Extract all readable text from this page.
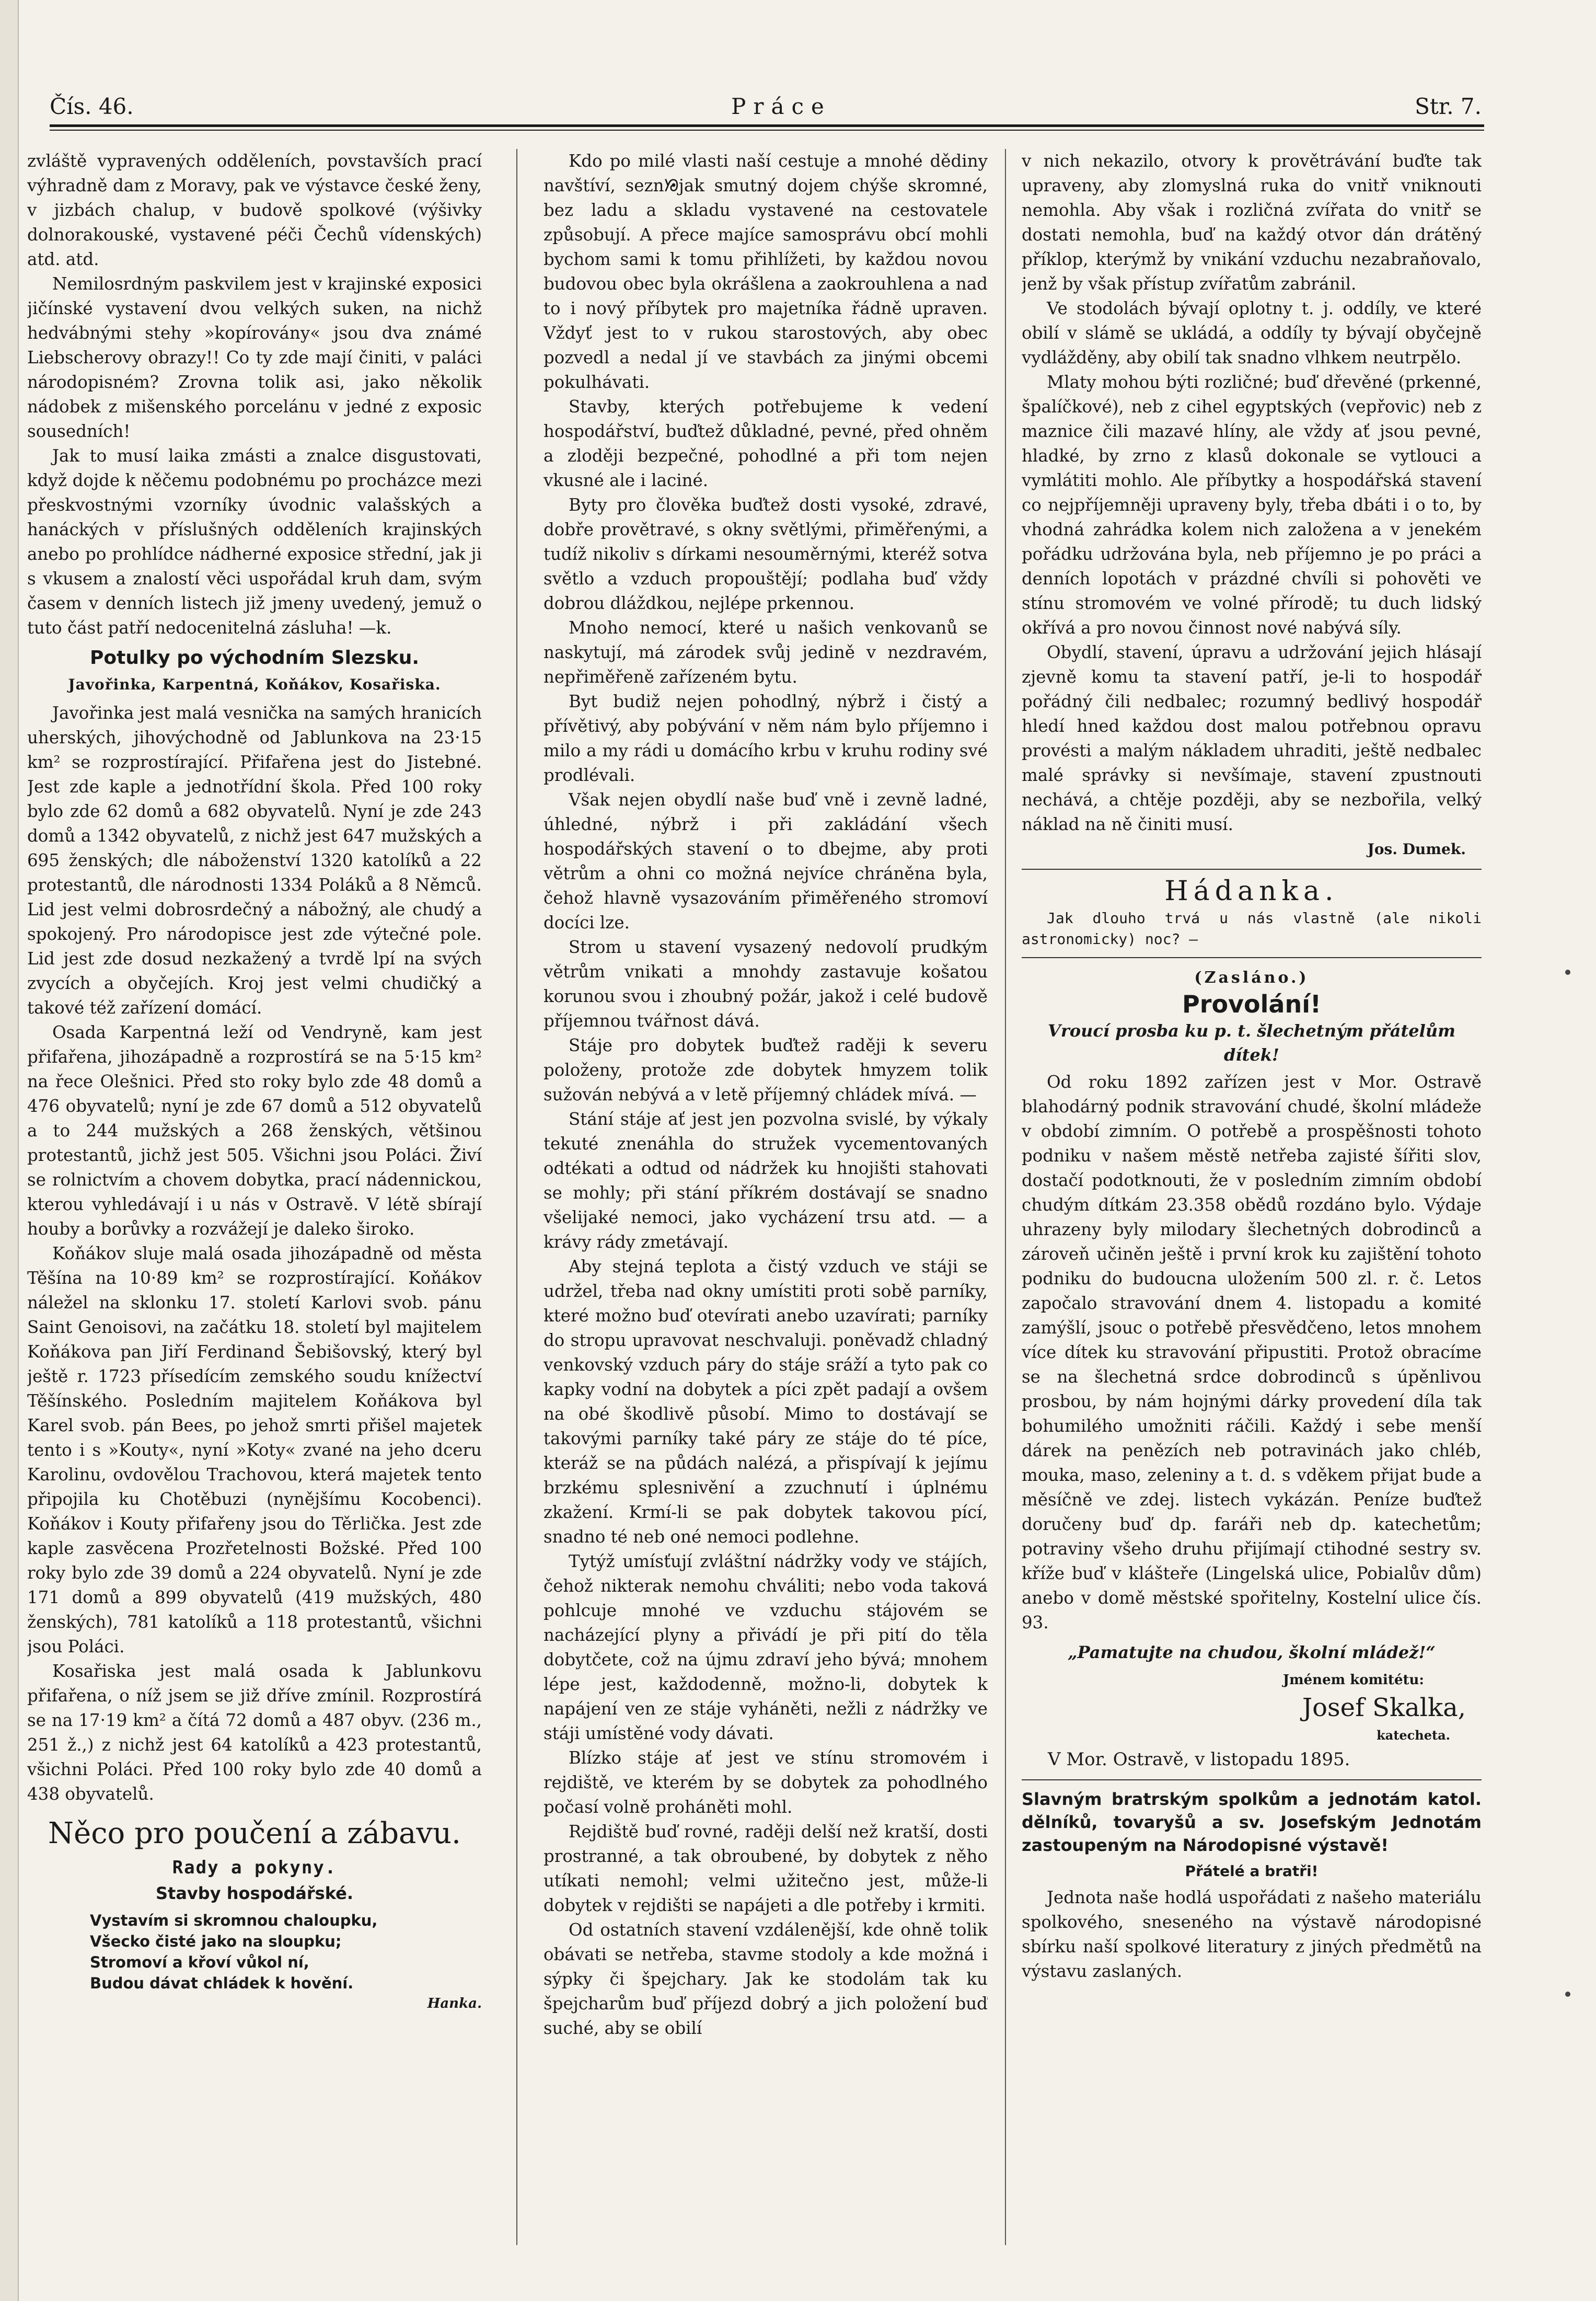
Čís. 46.	Práce	Str. 7.

zvláště vypravených odděleních, povstavších prací výhradně dam z Moravy, pak ve výstavce české ženy, v jizbách chalup, v budově spolkové (výšivky dolnorakouské, vystavené péči Čechů vídenských) atd. atd.

Nemilosrdným paskvilem jest v krajinské exposici jičínské vystavení dvou velkých suken, na nichž hedvábnými stehy »kopírovány« jsou dva známé Liebscherovy obrazy!! Co ty zde mají činiti, v paláci národopisném? Zrovna tolik asi, jako několik nádobek z mišenského porcelánu v jedné z exposic sousedních!

Jak to musí laika zmásti a znalce disgustovati, když dojde k něčemu podobnému po procházce mezi přeskvostnými vzorníky úvodnic valašských a hanáckých v příslušných odděleních krajinských anebo po prohlídce nádherné exposice střední, jak ji s vkusem a znalostí věci uspořádal kruh dam, svým časem v denních listech již jmeny uvedený, jemuž o tuto část patří nedocenitelná zásluha! —k.

Potulky po východním Slezsku.
Javořinka, Karpentná, Koňákov, Kosařiska.

Javořinka jest malá vesnička na samých hranicích uherských, jihovýchodně od Jablunkova na 23·15 km² se rozprostírající. Přifařena jest do Jistebné. Jest zde kaple a jednotřídní škola. Před 100 roky bylo zde 62 domů a 682 obyvatelů. Nyní je zde 243 domů a 1342 obyvatelů, z nichž jest 647 mužských a 695 ženských; dle náboženství 1320 katolíků a 22 protestantů, dle národnosti 1334 Poláků a 8 Němců. Lid jest velmi dobrosrdečný a nábožný, ale chudý a spokojený. Pro národopisce jest zde výtečné pole. Lid jest zde dosud nezkažený a tvrdě lpí na svých zvycích a obyčejích. Kroj jest velmi chudičký a takové též zařízení domácí.

Osada Karpentná leží od Vendryně, kam jest přifařena, jihozápadně a rozprostírá se na 5·15 km² na řece Olešnici. Před sto roky bylo zde 48 domů a 476 obyvatelů; nyní je zde 67 domů a 512 obyvatelů a to 244 mužských a 268 ženských, většinou protestantů, jichž jest 505. Všichni jsou Poláci. Živí se rolnictvím a chovem dobytka, prací nádennickou, kterou vyhledávají i u nás v Ostravě. V létě sbírají houby a borůvky a rozvážejí je daleko široko.

Koňákov sluje malá osada jihozápadně od města Těšína na 10·89 km² se rozprostírající. Koňákov náležel na sklonku 17. století Karlovi svob. pánu Saint Genoisovi, na začátku 18. století byl majitelem Koňákova pan Jiří Ferdinand Šebišovský, který byl ještě r. 1723 přísedícím zemského soudu knížectví Těšínského. Posledním majitelem Koňákova byl Karel svob. pán Bees, po jehož smrti přišel majetek tento i s »Kouty«, nyní »Koty« zvané na jeho dceru Karolinu, ovdovělou Trachovou, která majetek tento připojila ku Chotěbuzi (nynějšímu Kocobenci). Koňákov i Kouty přifařeny jsou do Těrlička. Jest zde kaple zasvěcena Prozřetelnosti Božské. Před 100 roky bylo zde 39 domů a 224 obyvatelů. Nyní je zde 171 domů a 899 obyvatelů (419 mužských, 480 ženských), 781 katolíků a 118 protestantů, všichni jsou Poláci.

Kosařiska jest malá osada k Jablunkovu přifařena, o níž jsem se již dříve zmínil. Rozprostírá se na 17·19 km² a čítá 72 domů a 487 obyv. (236 m., 251 ž.,) z nichž jest 64 katolíků a 423 protestantů, všichni Poláci. Před 100 roky bylo zde 40 domů a 438 obyvatelů.

Něco pro poučení a zábavu.
Rady a pokyny.
Stavby hospodářské.
Vystavím si skromnou chaloupku,
Všecko čisté jako na sloupku;
Stromoví a křoví vůkol ní,
Budou dávat chládek k hovění.
Hanka.

Kdo po milé vlasti naší cestuje a mnohé dědiny navštíví, seznᘠjak smutný dojem chýše skromné, bez ladu a skladu vystavené na cestovatele způsobují. A přece majíce samosprávu obcí mohli bychom sami k tomu přihlížeti, by každou novou budovou obec byla okrášlena a zaokrouhlena a nad to i nový příbytek pro majetníka řádně upraven. Vždyť jest to v rukou starostových, aby obec pozvedl a nedal jí ve stavbách za jinými obcemi pokulhávati.

Stavby, kterých potřebujeme k vedení hospodářství, buďtež důkladné, pevné, před ohněm a zloději bezpečné, pohodlné a při tom nejen vkusné ale i laciné.

Byty pro člověka buďtež dosti vysoké, zdravé, dobře provětravé, s okny světlými, přiměřenými, a tudíž nikoliv s dírkami nesouměrnými, kteréž sotva světlo a vzduch propouštějí; podlaha buď vždy dobrou dláždkou, nejlépe prkennou.

Mnoho nemocí, které u našich venkovanů se naskytují, má zárodek svůj jedině v nezdravém, nepřiměřeně zařízeném bytu.

Byt budiž nejen pohodlný, nýbrž i čistý a přívětivý, aby pobývání v něm nám bylo příjemno i milo a my rádi u domácího krbu v kruhu rodiny své prodlévali.

Však nejen obydlí naše buď vně i zevně ladné, úhledné, nýbrž i při zakládání všech hospodářských stavení o to dbejme, aby proti větrům a ohni co možná nejvíce chráněna byla, čehož hlavně vysazováním přiměřeného stromoví docíci lze.

Strom u stavení vysazený nedovolí prudkým větrům vnikati a mnohdy zastavuje košatou korunou svou i zhoubný požár, jakož i celé budově příjemnou tvářnost dává.

Stáje pro dobytek buďtež raději k severu položeny, protože zde dobytek hmyzem tolik sužován nebývá a v letě příjemný chládek mívá. —

Stání stáje ať jest jen pozvolna svislé, by výkaly tekuté znenáhla do stružek vycementovaných odtékati a odtud od nádržek ku hnojišti stahovati se mohly; při stání příkrém dostávají se snadno všelijaké nemoci, jako vycházení trsu atd. — a krávy rády zmetávají.

Aby stejná teplota a čistý vzduch ve stáji se udržel, třeba nad okny umístiti proti sobě parníky, které možno buď otevírati anebo uzavírati; parníky do stropu upravovat neschvaluji. poněvadž chladný venkovský vzduch páry do stáje sráží a tyto pak co kapky vodní na dobytek a píci zpět padají a ovšem na obé škodlivě působí. Mimo to dostávají se takovými parníky také páry ze stáje do té píce, kteráž se na půdách nalézá, a přispívají k jejímu brzkému splesnivění a zzuchnutí i úplnému zkažení. Krmí-li se pak dobytek takovou pící, snadno té neb oné nemoci podlehne.

Tytýž umísťují zvláštní nádržky vody ve stájích, čehož nikterak nemohu chváliti; nebo voda taková pohlcuje mnohé ve vzduchu stájovém se nacházející plyny a přivádí je při pití do těla dobytčete, což na újmu zdraví jeho bývá; mnohem lépe jest, každodenně, možno-li, dobytek k napájení ven ze stáje vyháněti, nežli z nádržky ve stáji umístěné vody dávati.

Blízko stáje ať jest ve stínu stromovém i rejdiště, ve kterém by se dobytek za pohodlného počasí volně proháněti mohl.

Rejdiště buď rovné, raději delší než kratší, dosti prostranné, a tak obroubené, by dobytek z něho utíkati nemohl; velmi užitečno jest, může-li dobytek v rejdišti se napájeti a dle potřeby i krmiti.

Od ostatních stavení vzdálenější, kde ohně tolik obávati se netřeba, stavme stodoly a kde možná i sýpky či špejchary. Jak ke stodolám tak ku špejcharům buď příjezd dobrý a jich položení buď suché, aby se obilí

v nich nekazilo, otvory k provětrávání buďte tak upraveny, aby zlomyslná ruka do vnitř vniknouti nemohla. Aby však i rozličná zvířata do vnitř se dostati nemohla, buď na každý otvor dán drátěný příklop, kterýmž by vnikání vzduchu nezabraňovalo, jenž by však přístup zvířatům zabránil.

Ve stodolách bývají oplotny t. j. oddíly, ve které obilí v slámě se ukládá, a oddíly ty bývají obyčejně vydlážděny, aby obilí tak snadno vlhkem neutrpělo.

Mlaty mohou býti rozličné; buď dřevěné (prkenné, špalíčkové), neb z cihel egyptských (vepřovic) neb z maznice čili mazavé hlíny, ale vždy ať jsou pevné, hladké, by zrno z klasů dokonale se vytlouci a vymlátiti mohlo. Ale příbytky a hospodářská stavení co nejpříjemněji upraveny byly, třeba dbáti i o to, by vhodná zahrádka kolem nich založena a v jenekém pořádku udržována byla, neb příjemno je po práci a denních lopotách v prázdné chvíli si pohověti ve stínu stromovém ve volné přírodě; tu duch lidský okřívá a pro novou činnost nové nabývá síly.

Obydlí, stavení, úpravu a udržování jejich hlásají zjevně komu ta stavení patří, je-li to hospodář pořádný čili nedbalec; rozumný bedlivý hospodář hledí hned každou dost malou potřebnou opravu provésti a malým nákladem uhraditi, ještě nedbalec malé správky si nevšímaje, stavení zpustnouti nechává, a chtěje později, aby se nezbořila, velký náklad na ně činiti musí.

Jos. Dumek.
Hádanka.

Jak dlouho trvá u nás vlastně (ale nikoli astronomicky) noc? —

(Zasláno.)
Provolání!
Vroucí prosba ku p. t. šlechetným přátelům dítek!

Od roku 1892 zařízen jest v Mor. Ostravě blahodárný podnik stravování chudé, školní mládeže v období zimním. O potřebě a prospěšnosti tohoto podniku v našem městě netřeba zajisté šířiti slov, dostačí podotknouti, že v posledním zimním období chudým dítkám 23.358 obědů rozdáno bylo. Výdaje uhrazeny byly milodary šlechetných dobrodinců a zároveň učiněn ještě i první krok ku zajištění tohoto podniku do budoucna uložením 500 zl. r. č. Letos započalo stravování dnem 4. listopadu a komité zamýšlí, jsouc o potřebě přesvědčeno, letos mnohem více dítek ku stravování připustiti. Protož obracíme se na šlechetná srdce dobrodinců s úpěnlivou prosbou, by nám hojnými dárky provedení díla tak bohumilého umožniti ráčili. Každý i sebe menší dárek na penězích neb potravinách jako chléb, mouka, maso, zeleniny a t. d. s vděkem přijat bude a měsíčně ve zdej. listech vykázán. Peníze buďtež doručeny buď dp. faráři neb dp. katechetům; potraviny všeho druhu přijímají ctihodné sestry sv. kříže buď v klášteře (Lingelská ulice, Pobialův dům) anebo v domě městské spořitelny, Kostelní ulice čís. 93.

„Pamatujte na chudou, školní mládež!“
Jménem komitétu:
Josef Skalka,
katecheta.

V Mor. Ostravě, v listopadu 1895.

Slavným bratrským spolkům a jednotám katol. dělníků, tovaryšů a sv. Josefským Jednotám zastoupeným na Národopisné výstavě!
Přátelé a bratři!

Jednota naše hodlá uspořádati z našeho materiálu spolkového, sneseného na výstavě národopisné sbírku naší spolkové literatury z jiných předmětů na výstavu zaslaných.
